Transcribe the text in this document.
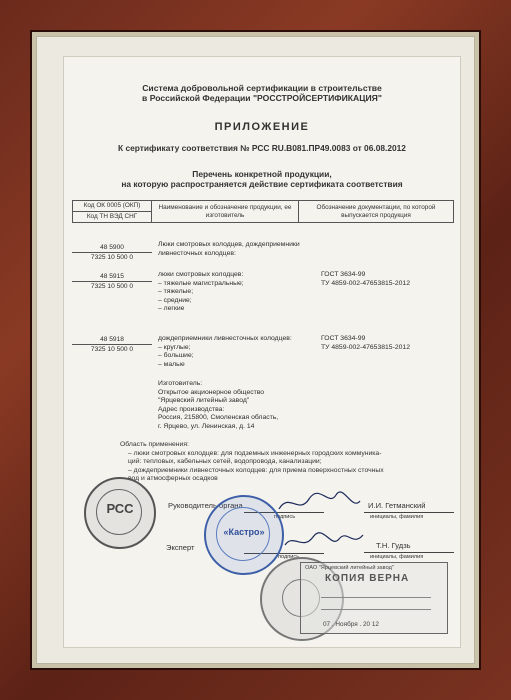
Система добровольной сертификации в строительстве
в Российской Федерации "РОССТРОЙСЕРТИФИКАЦИЯ"
ПРИЛОЖЕНИЕ
К сертификату соответствия № РСС RU.B081.ПР49.0083 от 06.08.2012
Перечень конкретной продукции,
на которую распространяется действие сертификата соответствия
Код ОК 0005 (ОКП)	Наименование и обозначение продукции, ее изготовитель	Обозначение документации, по которой выпускается продукция
Код ТН ВЭД СНГ
48 5900
7325 10 500 0
Люки смотровых колодцев, дождеприемники
ливнесточных колодцев:
48 5915
7325 10 500 0
люки смотровых колодцев:
– тяжелые магистральные;
– тяжелые;
– средние;
– легкие
ГОСТ 3634-99
ТУ 4859-002-47653815-2012
48 5918
7325 10 500 0
дождеприемники ливнесточных колодцев:
– круглые;
– большие;
– малые
ГОСТ 3634-99
ТУ 4859-002-47653815-2012
Изготовитель:
Открытое акционерное общество
"Ярцевский литейный завод"
Адрес производства:
Россия, 215800, Смоленская область,
г. Ярцево, ул. Ленинская, д. 14
Область применения:
– люки смотровых колодцев: для подземных инженерных городских коммуника-
ций: тепловых, кабельных сетей, водопровода, канализации;
– дождеприемники ливнесточных колодцев: для приема поверхностных сточных
вод и атмосферных осадков
Руководитель органа
подпись
И.И. Гетманский
инициалы, фамилия
Эксперт
подпись
Т.Н. Гудзь
инициалы, фамилия
РСС
«Кастро»
ОАО "Ярцевский литейный завод"
КОПИЯ ВЕРНА
07 . Ноября . 20 12
